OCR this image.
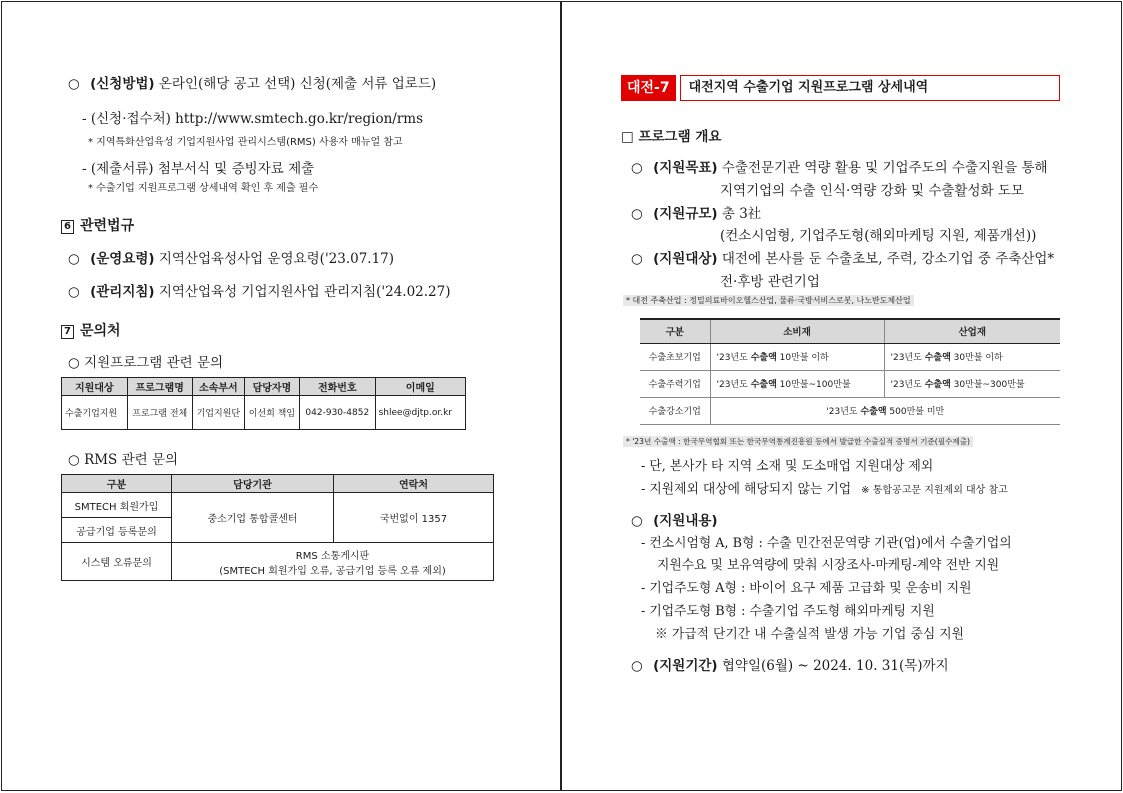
○ (신청방법) 온라인(해당 공고 선택) 신청(제출 서류 업로드)
- (신청·접수처) http://www.smtech.go.kr/region/rms
* 지역특화산업육성 기업지원사업 관리시스템(RMS) 사용자 매뉴얼 참고
- (제출서류) 첨부서식 및 증빙자료 제출
* 수출기업 지원프로그램 상세내역 확인 후 제출 필수
6 관련법규
○ (운영요령) 지역산업육성사업 운영요령('23.07.17)
○ (관리지침) 지역산업육성 기업지원사업 관리지침('24.02.27)
7 문의처
○ 지원프로그램 관련 문의
지원대상	프로그램명	소속부서	담당자명	전화번호	이메일
수출기업지원	프로그램 전체	기업지원단	이선희 책임	042-930-4852	shlee@djtp.or.kr
○ RMS 관련 문의
구분	담당기관	연락처
SMTECH 회원가입	중소기업 통합콜센터	국번없이 1357
공급기업 등록문의		
시스템 오류문의	RMS 소통게시판
(SMTECH 회원가입 오류, 공급기업 등록 오류 제외)	
대전-7	대전지역 수출기업 지원프로그램 상세내역
□ 프로그램 개요
○ (지원목표) 수출전문기관 역량 활용 및 기업주도의 수출지원을 통해
지역기업의 수출 인식·역량 강화 및 수출활성화 도모
○ (지원규모) 총 3社
(컨소시엄형, 기업주도형(해외마케팅 지원, 제품개선))
○ (지원대상) 대전에 본사를 둔 수출초보, 주력, 강소기업 중 주축산업*
전·후방 관련기업
* 대전 주축산업 : 정밀의료바이오헬스산업, 물류·국방서비스로봇, 나노반도체산업
구분	소비재	산업재
수출초보기업	'23년도 수출액 10만불 이하	'23년도 수출액 30만불 이하
수출주력기업	'23년도 수출액 10만불~100만불	'23년도 수출액 30만불~300만불
수출강소기업	'23년도 수출액 500만불 미만	
* '23년 수출액 : 한국무역협회 또는 한국무역통계진흥원 등에서 발급한 수출실적 증명서 기준(필수제출)
- 단, 본사가 타 지역 소재 및 도소매업 지원대상 제외
- 지원제외 대상에 해당되지 않는 기업 ※ 통합공고문 지원제외 대상 참고
○ (지원내용)
- 컨소시엄형 A, B형 : 수출 민간전문역량 기관(업)에서 수출기업의
지원수요 및 보유역량에 맞춰 시장조사-마케팅-계약 전반 지원
- 기업주도형 A형 : 바이어 요구 제품 고급화 및 운송비 지원
- 기업주도형 B형 : 수출기업 주도형 해외마케팅 지원
※ 가급적 단기간 내 수출실적 발생 가능 기업 중심 지원
○ (지원기간) 협약일(6월) ~ 2024. 10. 31(목)까지
